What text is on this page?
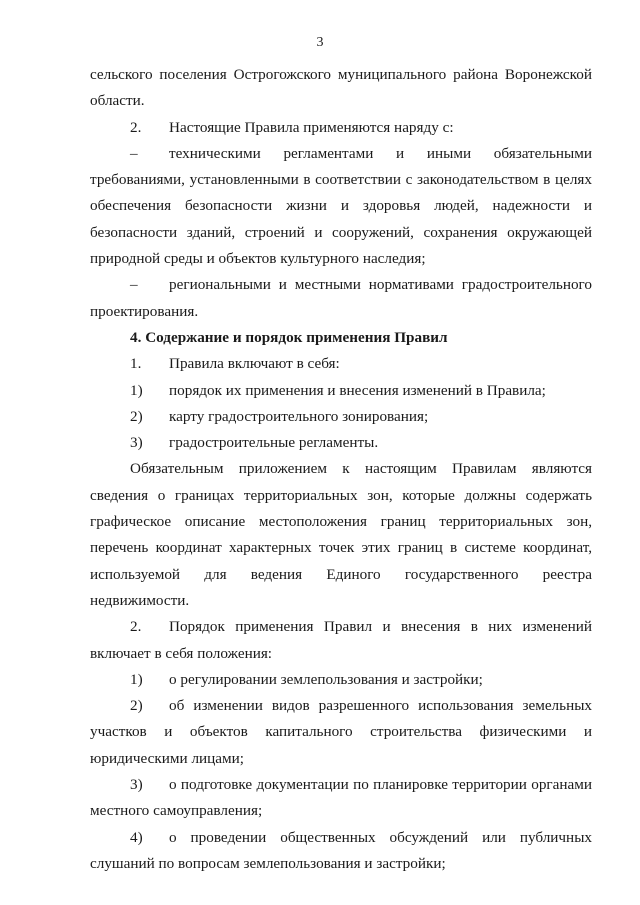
3

сельского поселения Острогожского муниципального района Воронежской области.

2. Настоящие Правила применяются наряду с:

– техническими регламентами и иными обязательными требованиями, установленными в соответствии с законодательством в целях обеспечения безопасности жизни и здоровья людей, надежности и безопасности зданий, строений и сооружений, сохранения окружающей природной среды и объектов культурного наследия;

– региональными и местными нормативами градостроительного проектирования.

4. Содержание и порядок применения Правил

1.	Правила включают в себя:
1)	порядок их применения и внесения изменений в Правила;
2)	карту градостроительного зонирования;
3)	градостроительные регламенты.

Обязательным приложением к настоящим Правилам являются сведения о границах территориальных зон, которые должны содержать графическое описание местоположения границ территориальных зон, перечень координат характерных точек этих границ в системе координат, используемой для ведения Единого государственного реестра недвижимости.

2. Порядок применения Правил и внесения в них изменений включает в себя положения:

1)	о регулировании землепользования и застройки;

2) об изменении видов разрешенного использования земельных участков и объектов капитального строительства физическими и юридическими лицами;

3) о подготовке документации по планировке территории органами местного самоуправления;

4) о проведении общественных обсуждений или публичных слушаний по вопросам землепользования и застройки;
